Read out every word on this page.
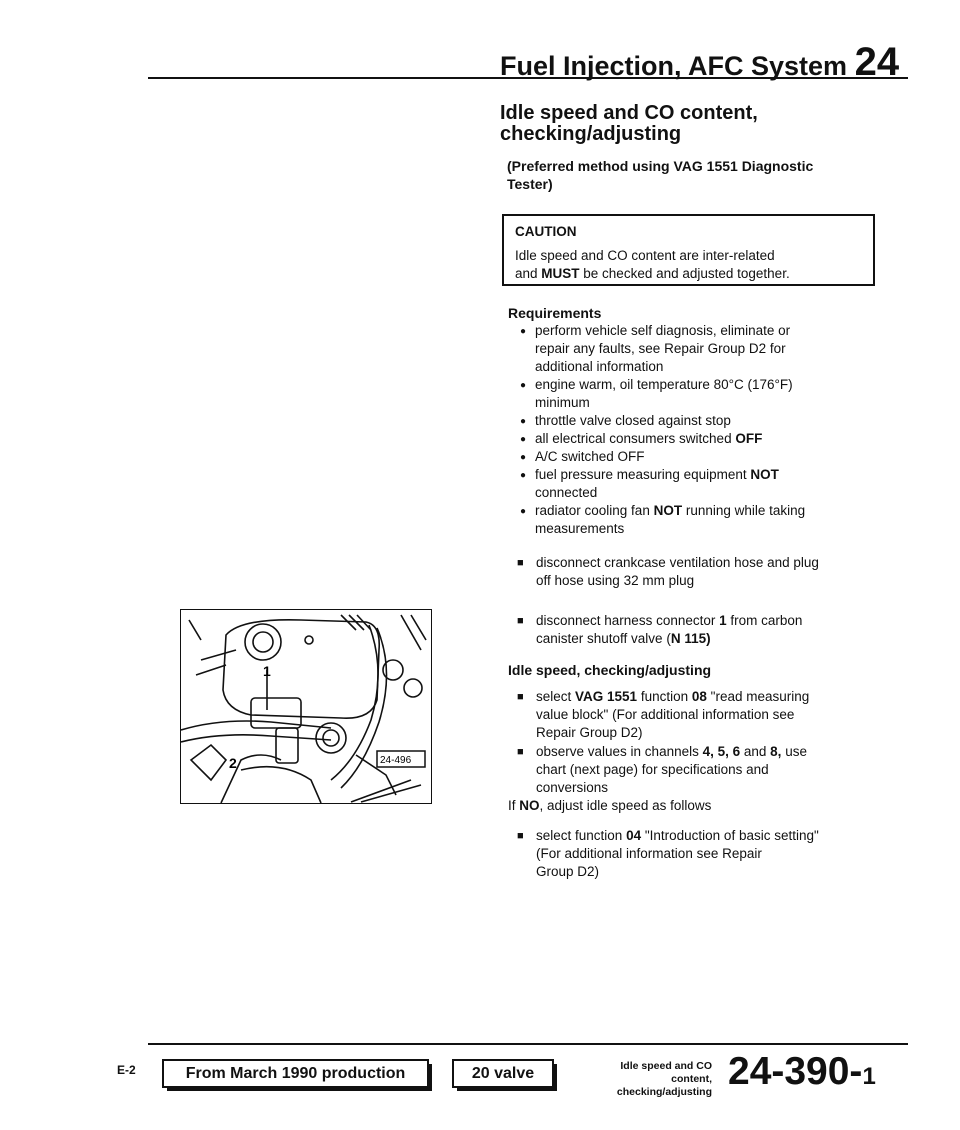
Fuel Injection, AFC System 24
Idle speed and CO content,
checking/adjusting
(Preferred method using VAG 1551 Diagnostic
Tester)
CAUTION
Idle speed and CO content are inter-related
and MUST be checked and adjusted together.
Requirements
● perform vehicle self diagnosis, eliminate or
repair any faults, see Repair Group D2 for
additional information
● engine warm, oil temperature 80°C (176°F)
minimum
● throttle valve closed against stop
● all electrical consumers switched OFF
● A/C switched OFF
● fuel pressure measuring equipment NOT
connected
● radiator cooling fan NOT running while taking
measurements
■ disconnect crankcase ventilation hose and plug
off hose using 32 mm plug
■ disconnect harness connector 1 from carbon
canister shutoff valve (N 115)
Idle speed, checking/adjusting
■ select VAG 1551 function 08 "read measuring
value block" (For additional information see
Repair Group D2)
■ observe values in channels 4, 5, 6 and 8, use
chart (next page) for specifications and
conversions
If NO, adjust idle speed as follows
■ select function 04 "Introduction of basic setting"
(For additional information see Repair
Group D2)
1
2	24-496
E-2	From March 1990 production	20 valve	Idle speed and CO content,
checking/adjusting 24-390-1
